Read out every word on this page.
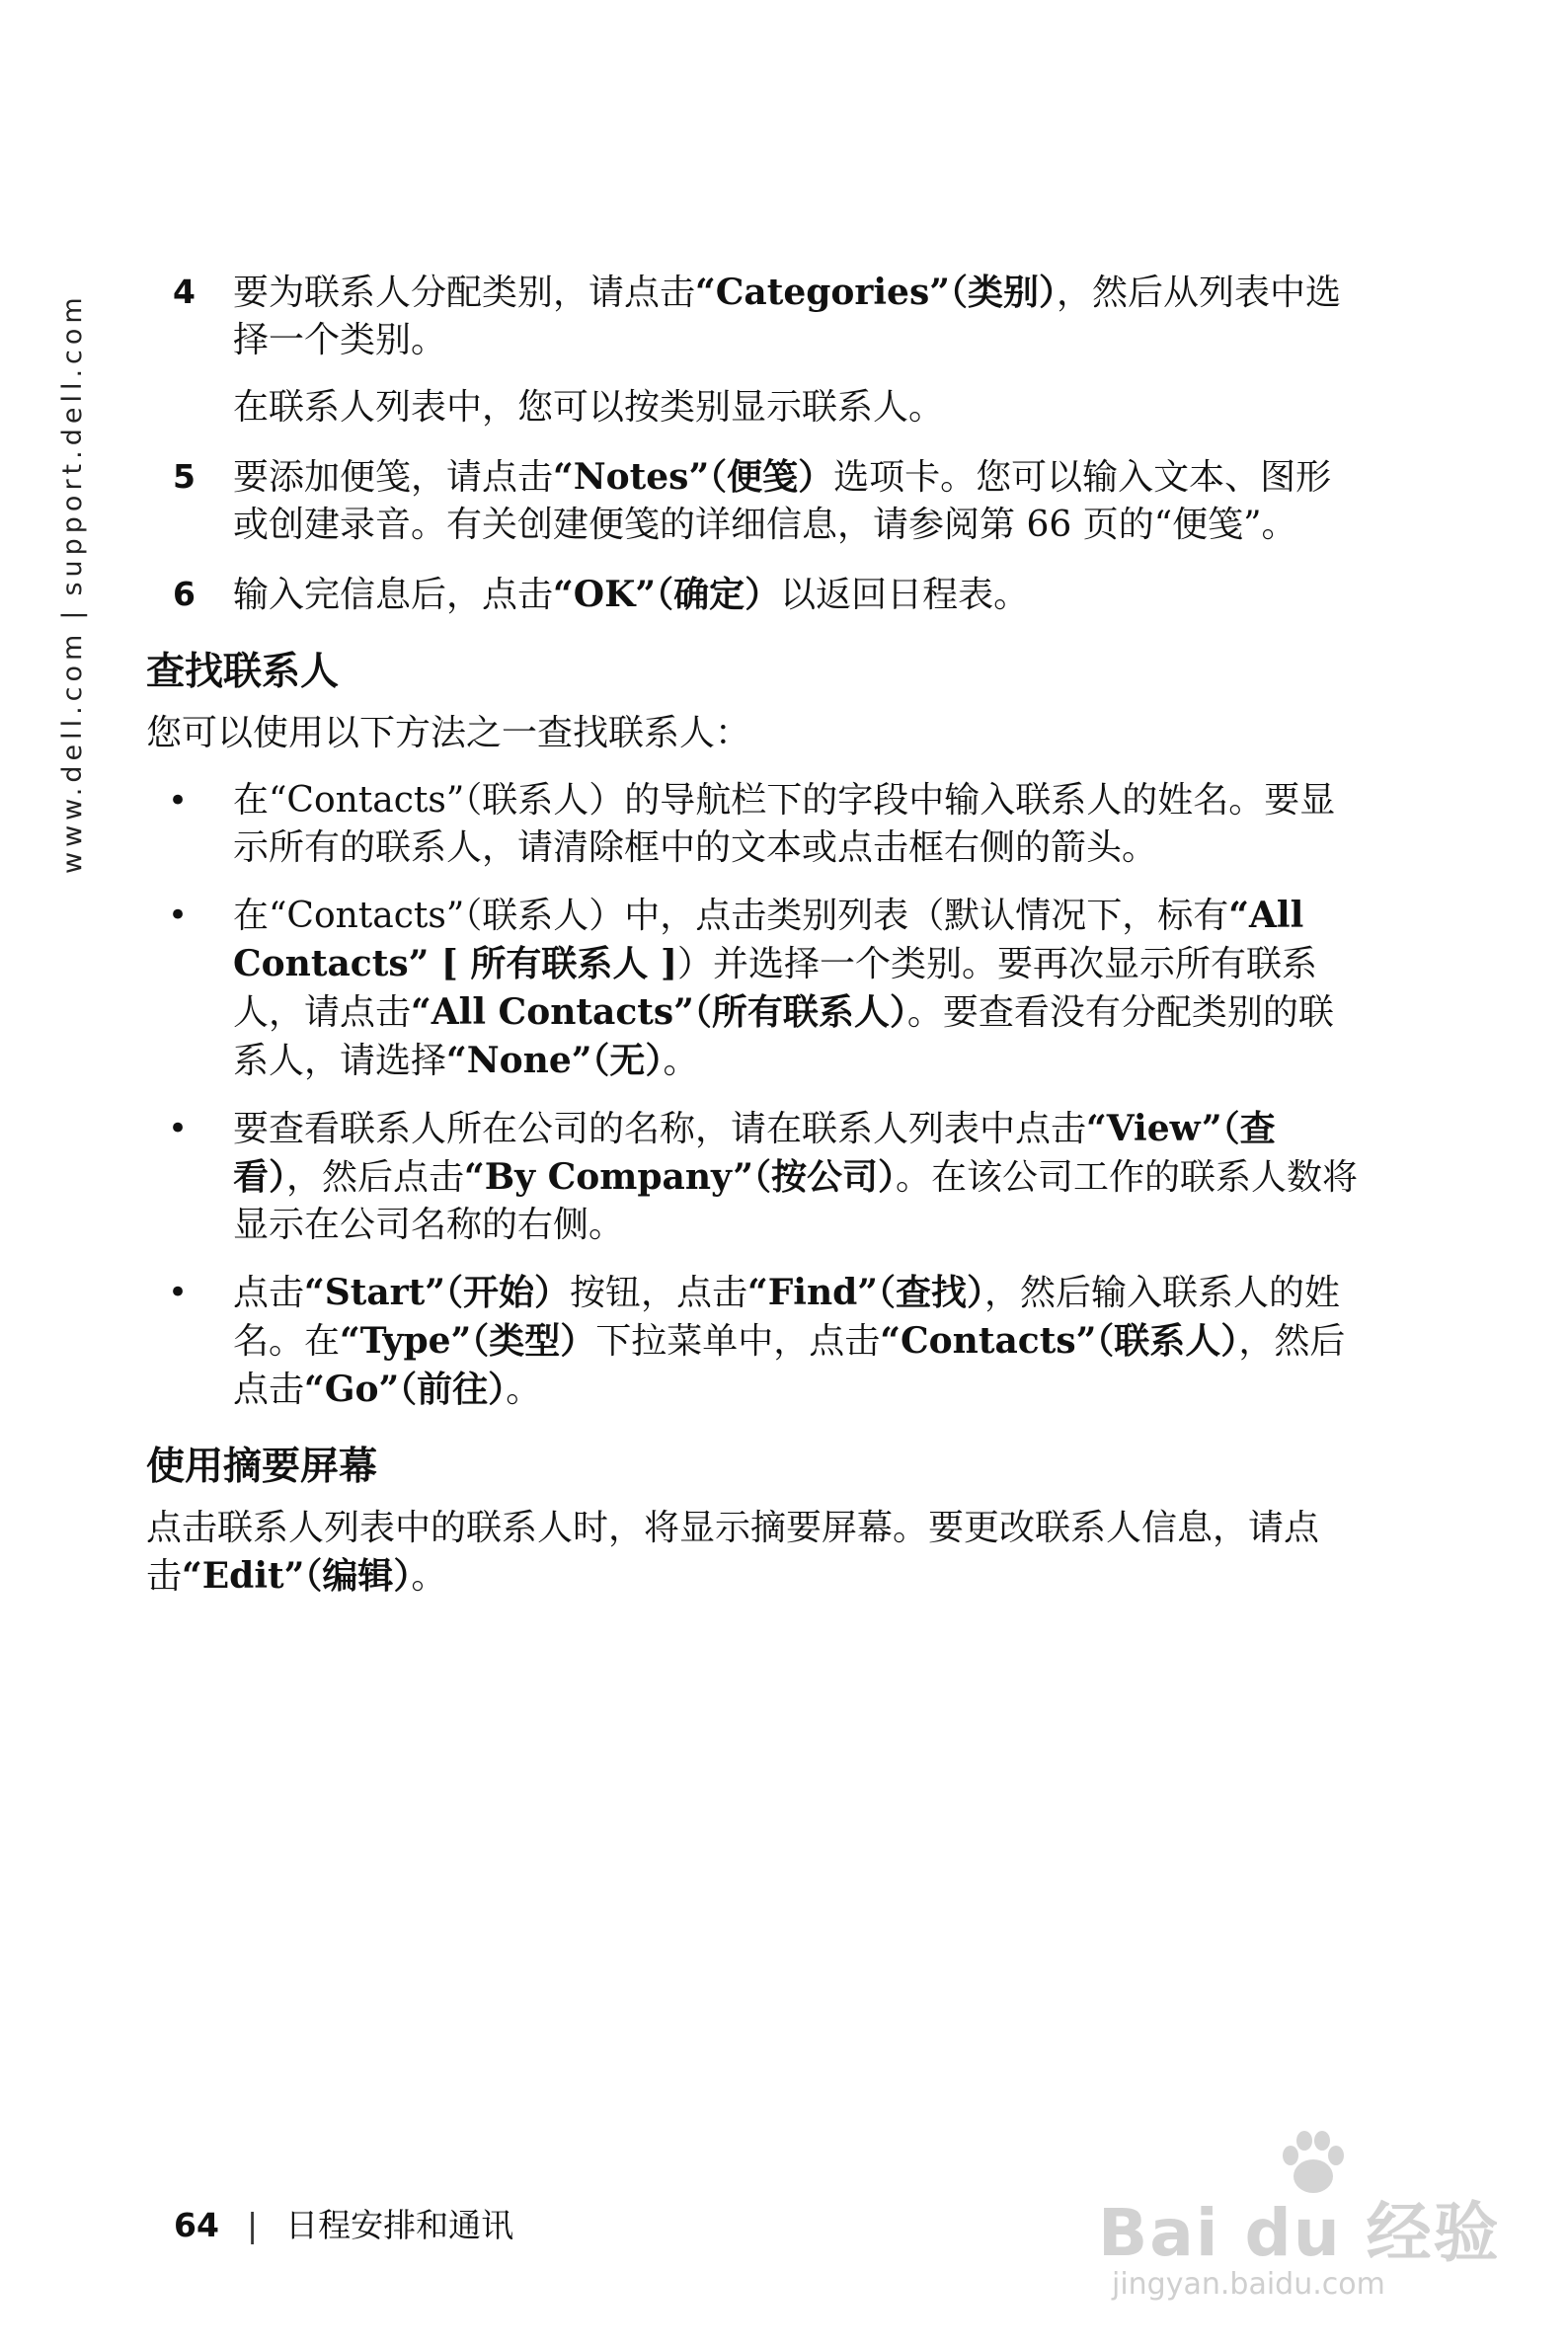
www.dell.com|support.dell.com
4 要为联系人分配类别，请点击“Categories”（类别），然后从列表中选择一个类别。

在联系人列表中，您可以按类别显示联系人。

5 要添加便笺，请点击“Notes”（便笺）选项卡。您可以输入文本、图形或创建录音。有关创建便笺的详细信息，请参阅第 66 页的“便笺”。

6 输入完信息后，点击“OK”（确定）以返回日程表。

查找联系人

您可以使用以下方法之一查找联系人：

• 在“Contacts”（联系人）的导航栏下的字段中输入联系人的姓名。要显示所有的联系人，请清除框中的文本或点击框右侧的箭头。
• 在“Contacts”（联系人）中，点击类别列表（默认情况下，标有“All Contacts” [ 所有联系人 ]）并选择一个类别。要再次显示所有联系人，请点击“All Contacts”（所有联系人）。要查看没有分配类别的联系人，请选择“None”（无）。
• 要查看联系人所在公司的名称，请在联系人列表中点击“View”（查看），然后点击“By Company”（按公司）。在该公司工作的联系人数将显示在公司名称的右侧。
• 点击“Start”（开始）按钮，点击“Find”（查找），然后输入联系人的姓名。在“Type”（类型）下拉菜单中，点击“Contacts”（联系人），然后点击“Go”（前往）。
使用摘要屏幕

点击联系人列表中的联系人时，将显示摘要屏幕。要更改联系人信息，请点击“Edit”（编辑）。

64 | 日程安排和通讯	Bai du 经验
jingyan.baidu.com
